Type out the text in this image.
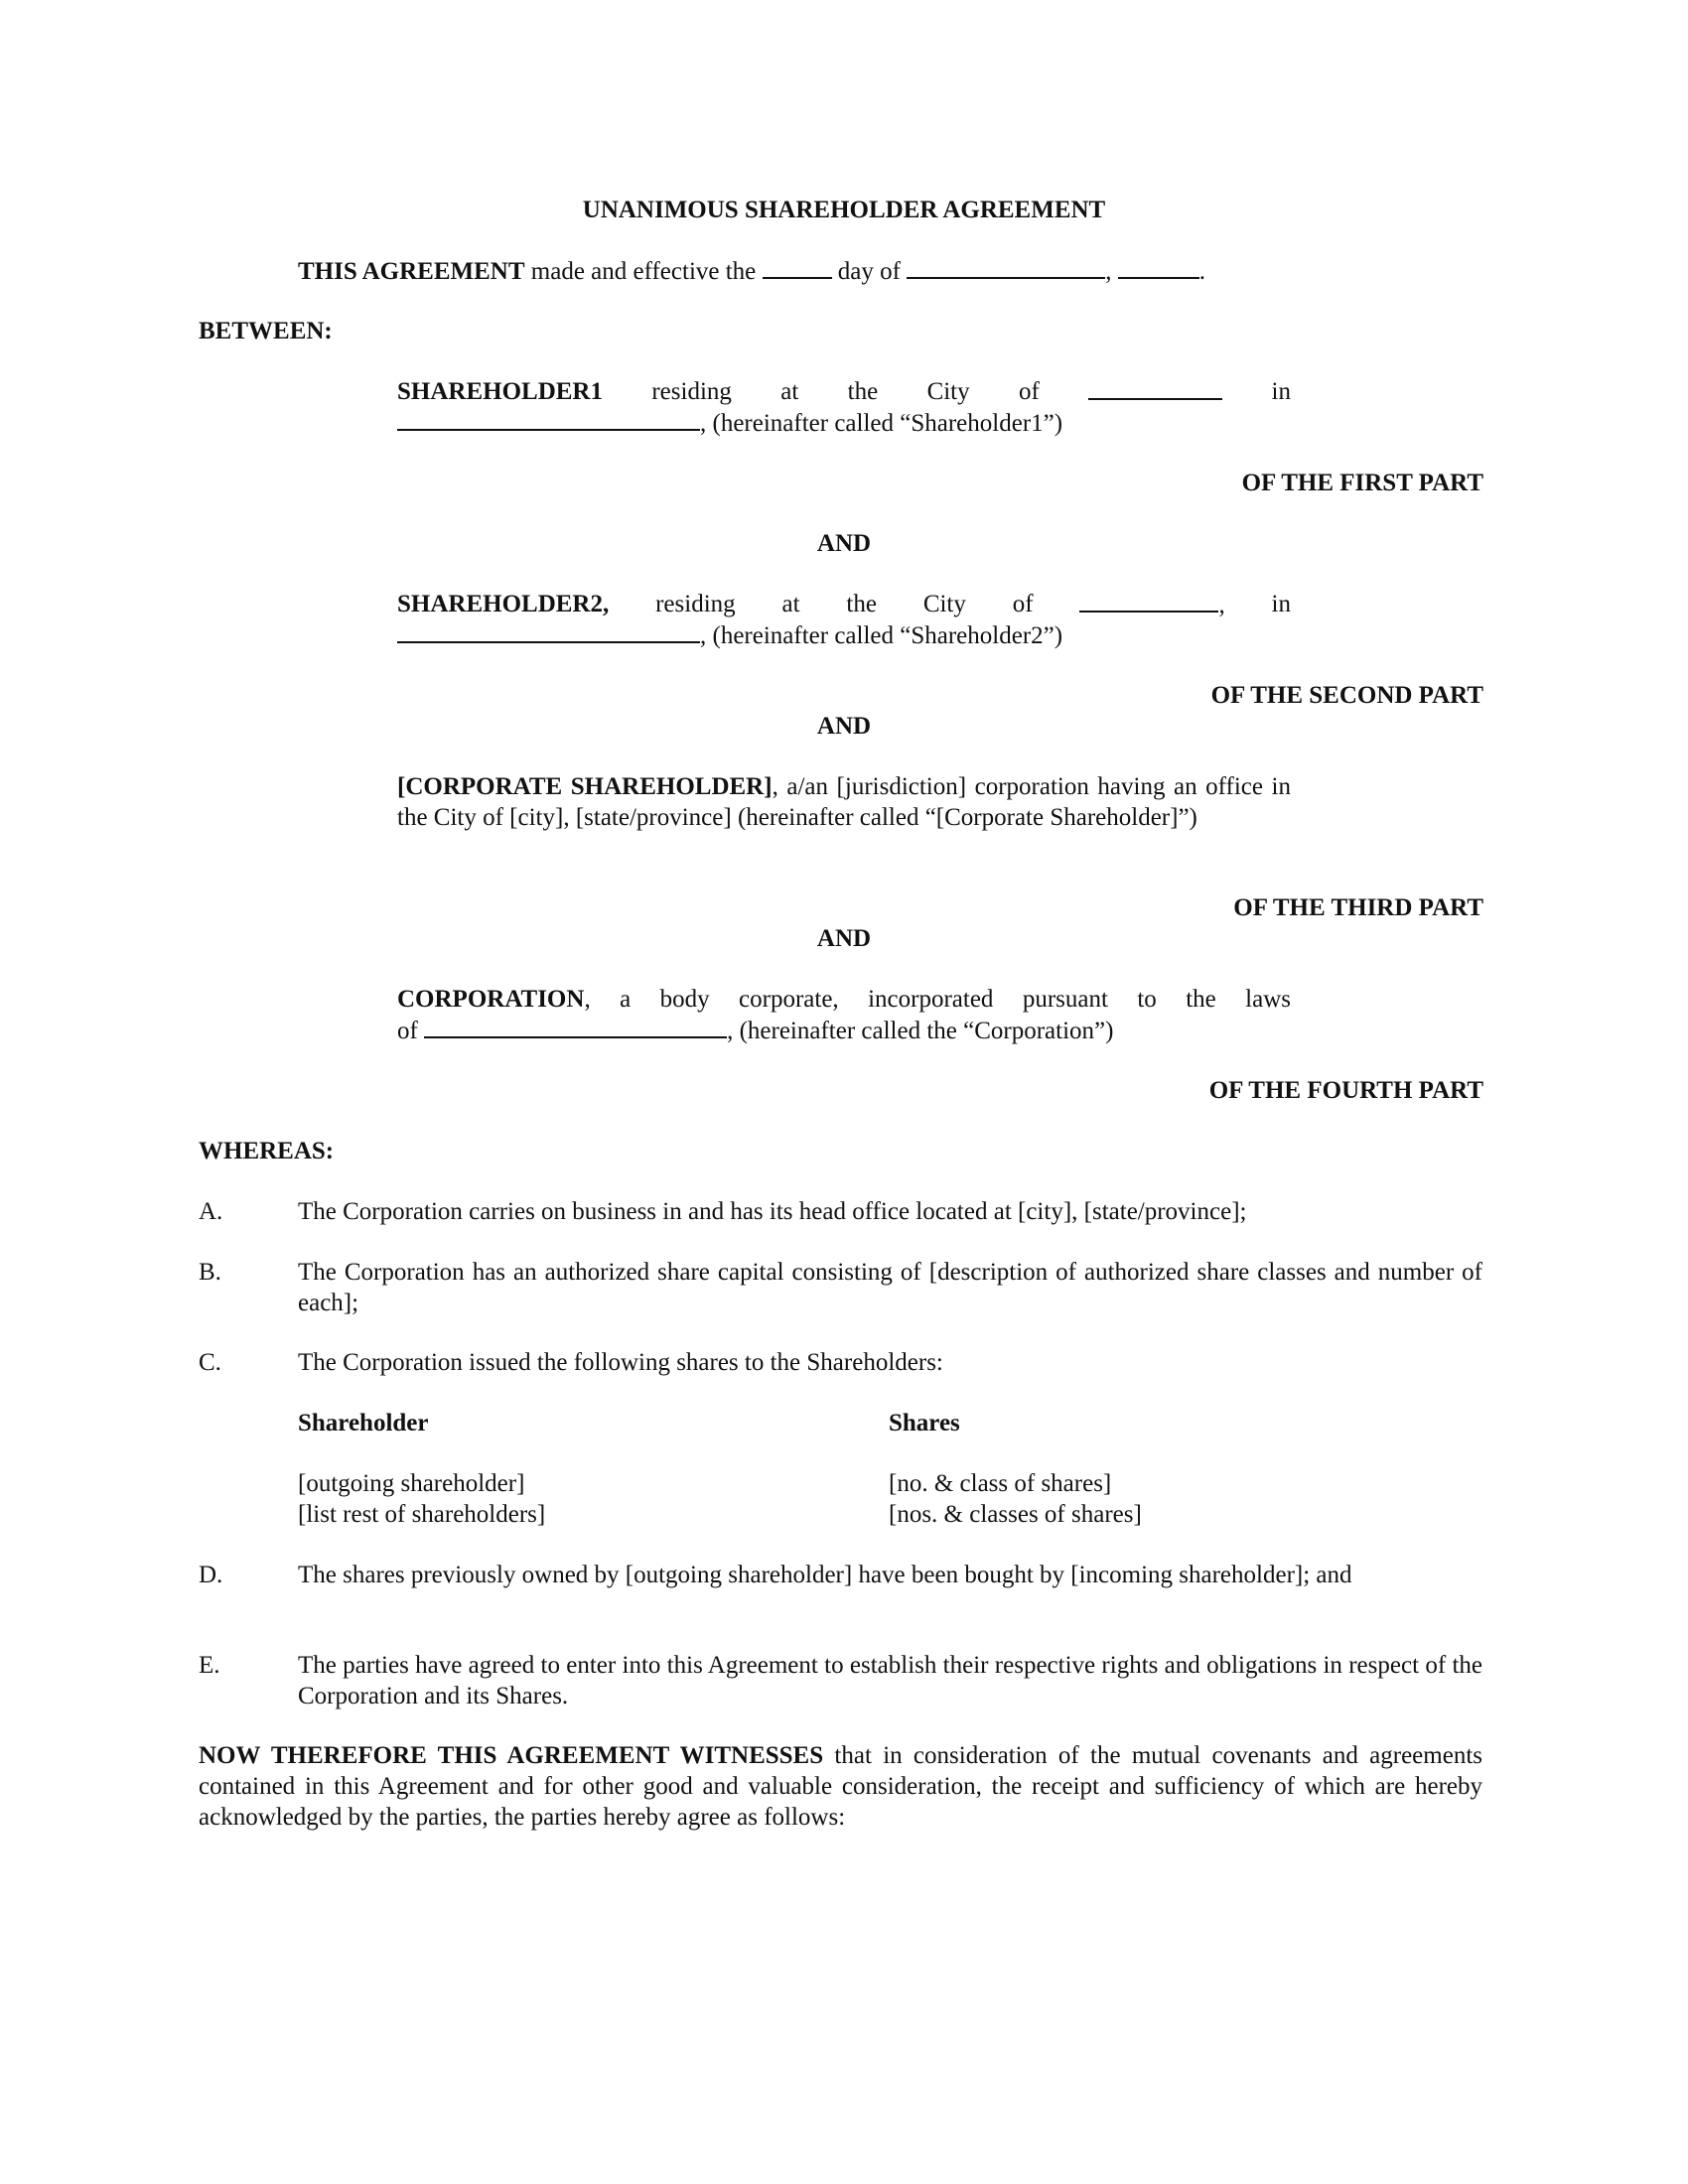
UNANIMOUS SHAREHOLDER AGREEMENT
THIS AGREEMENT made and effective the	day of	,	.
BETWEEN:
SHAREHOLDER1 residing at the City of	in
, (hereinafter called “Shareholder1”)
OF THE FIRST PART
AND
SHAREHOLDER2, residing at the City of	, in
, (hereinafter called “Shareholder2”)
OF THE SECOND PART
AND
[CORPORATE SHAREHOLDER], a/an [jurisdiction] corporation having an office in the City of [city], [state/province] (hereinafter called “[Corporate Shareholder]”)
OF THE THIRD PART
AND
CORPORATION, a body corporate, incorporated pursuant to the laws
of	, (hereinafter called the “Corporation”)
OF THE FOURTH PART
WHEREAS:
A.	The Corporation carries on business in and has its head office located at [city], [state/province];
B.	The Corporation has an authorized share capital consisting of [description of authorized share classes and number of each];
C.	The Corporation issued the following shares to the Shareholders:
Shareholder	Shares
[outgoing shareholder]	[no. & class of shares]
[list rest of shareholders]	[nos. & classes of shares]
D.	The shares previously owned by [outgoing shareholder] have been bought by [incoming shareholder]; and
E.	The parties have agreed to enter into this Agreement to establish their respective rights and obligations in respect of the Corporation and its Shares.
NOW THEREFORE THIS AGREEMENT WITNESSES that in consideration of the mutual covenants and agreements contained in this Agreement and for other good and valuable consideration, the receipt and sufficiency of which are hereby acknowledged by the parties, the parties hereby agree as follows:
